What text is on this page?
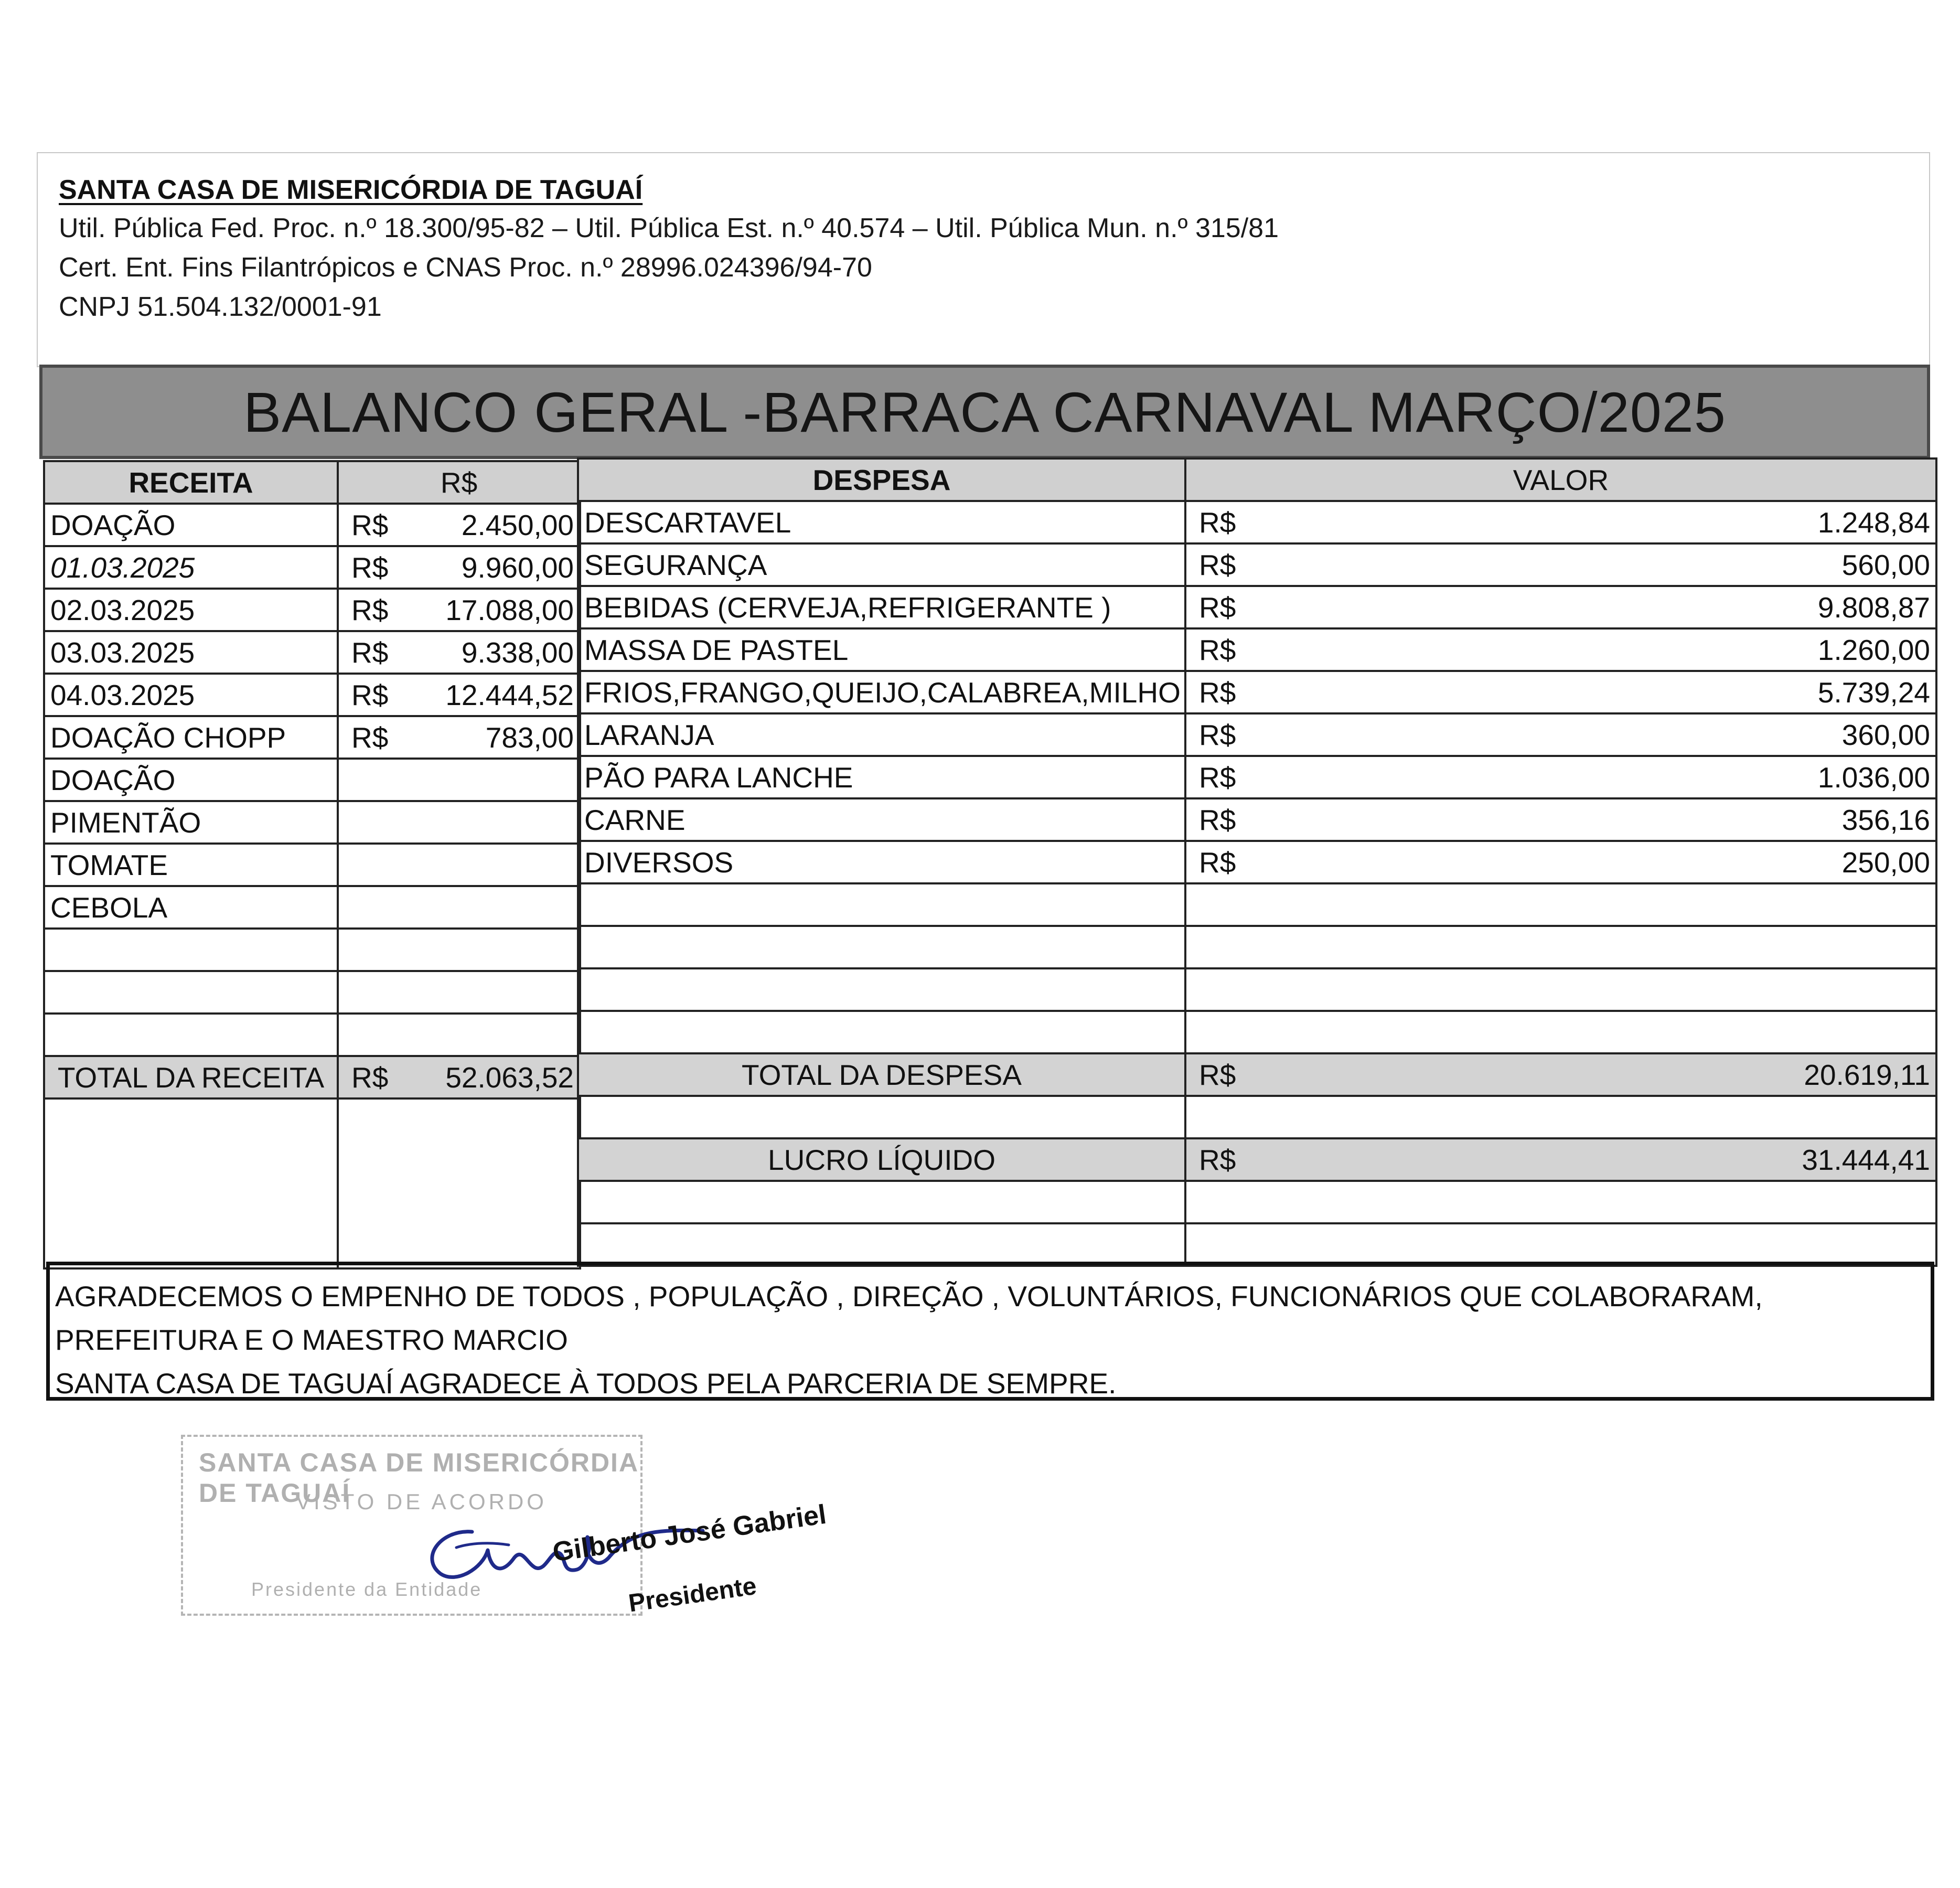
SANTA CASA DE MISERICÓRDIA DE TAGUAÍ
Util. Pública Fed. Proc. n.º 18.300/95-82 – Util. Pública Est. n.º 40.574 – Util. Pública Mun. n.º 315/81
Cert. Ent. Fins Filantrópicos e CNAS Proc. n.º 28996.024396/94-70
CNPJ 51.504.132/0001-91
BALANCO GERAL -BARRACA CARNAVAL MARÇO/2025
RECEITA	R$
DOAÇÃO	R$ 2.450,00

01.03.2025	R$ 9.960,00

02.03.2025	R$ 17.088,00

03.03.2025	R$ 9.338,00

04.03.2025	R$ 12.444,52

DOAÇÃO CHOPP	R$ 783,00

DOAÇÃO	
PIMENTÃO	
TOMATE	
CEBOLA	

TOTAL DA RECEITA	R$ 52.063,52

DESPESA	VALOR
DESCARTAVEL	R$ 1.248,84

SEGURANÇA	R$ 560,00

BEBIDAS (CERVEJA,REFRIGERANTE )	R$ 9.808,87

MASSA DE PASTEL	R$ 1.260,00

FRIOS,FRANGO,QUEIJO,CALABREA,MILHO	R$ 5.739,24

LARANJA	R$ 360,00

PÃO PARA LANCHE	R$ 1.036,00

CARNE	R$ 356,16

DIVERSOS	R$ 250,00

TOTAL DA DESPESA	R$ 20.619,11

LUCRO LÍQUIDO	R$ 31.444,41

AGRADECEMOS O EMPENHO DE TODOS , POPULAÇÃO , DIREÇÃO , VOLUNTÁRIOS, FUNCIONÁRIOS QUE COLABORARAM,
PREFEITURA E O MAESTRO MARCIO
SANTA CASA DE TAGUAÍ AGRADECE À TODOS PELA PARCERIA DE SEMPRE.
SANTA CASA DE MISERICÓRDIA DE TAGUAÍ
VISTO DE ACORDO
Presidente da Entidade
Gilberto José Gabriel
Presidente
